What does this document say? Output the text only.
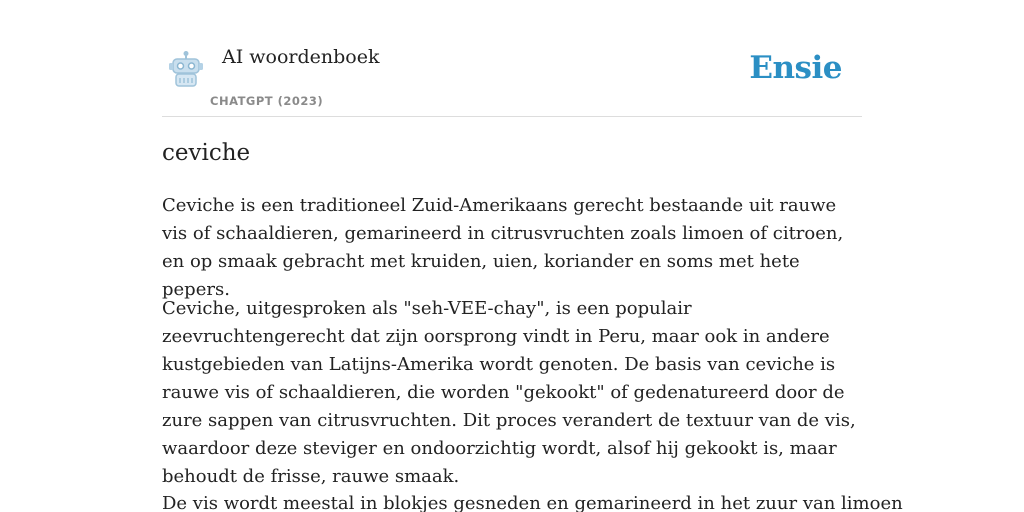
AI woordenboek
CHATGPT (2023)
Ensie
ceviche

Ceviche is een traditioneel Zuid-Amerikaans gerecht bestaande uit rauwe vis of schaaldieren, gemarineerd in citrusvruchten zoals limoen of citroen, en op smaak gebracht met kruiden, uien, koriander en soms met hete pepers.

Ceviche, uitgesproken als "seh-VEE-chay", is een populair zeevruchtengerecht dat zijn oorsprong vindt in Peru, maar ook in andere kustgebieden van Latijns-Amerika wordt genoten. De basis van ceviche is rauwe vis of schaaldieren, die worden "gekookt" of gedenatureerd door de zure sappen van citrusvruchten. Dit proces verandert de textuur van de vis, waardoor deze steviger en ondoorzichtig wordt, alsof hij gekookt is, maar behoudt de frisse, rauwe smaak.

De vis wordt meestal in blokjes gesneden en gemarineerd in het zuur van limoen
